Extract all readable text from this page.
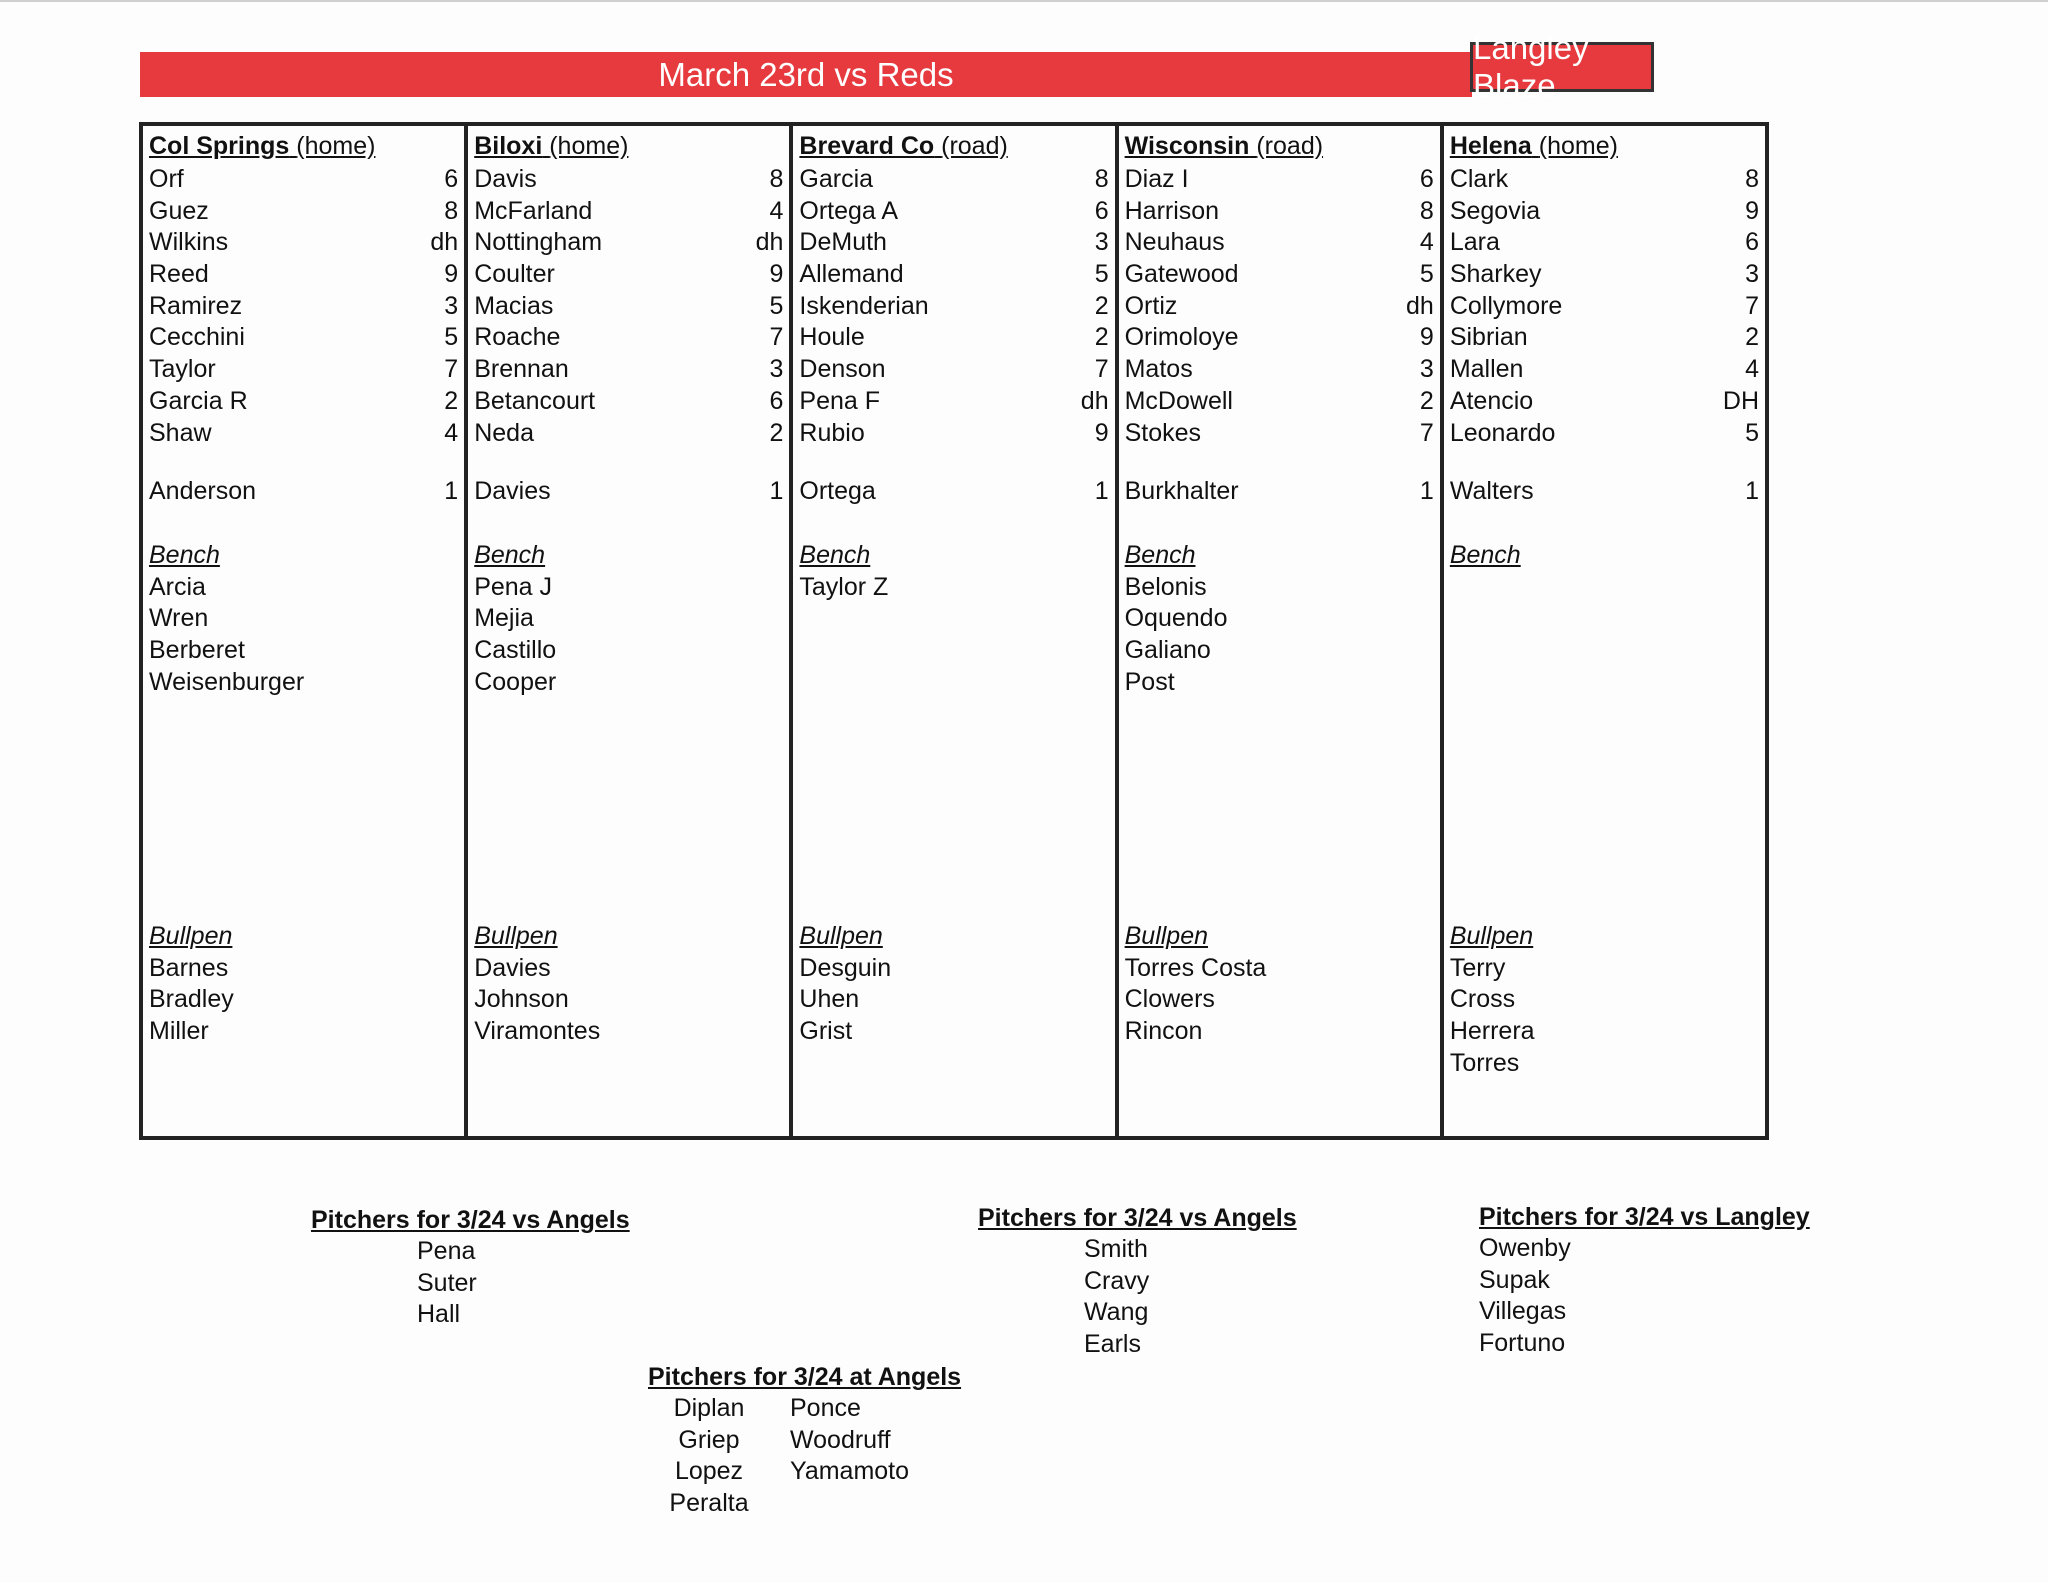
March 23rd vs Reds
Langley Blaze
Col Springs (home)
Orf	6
Guez	8
Wilkins	dh
Reed	9
Ramirez	3
Cecchini	5
Taylor	7
Garcia R	2
Shaw	4
Anderson	1
Bench
Arcia
Wren
Berberet
Weisenburger
Bullpen
Barnes
Bradley
Miller
Biloxi (home)
Davis	8
McFarland	4
Nottingham	dh
Coulter	9
Macias	5
Roache	7
Brennan	3
Betancourt	6
Neda	2
Davies	1
Bench
Pena J
Mejia
Castillo
Cooper
Bullpen
Davies
Johnson
Viramontes
Brevard Co (road)
Garcia	8
Ortega A	6
DeMuth	3
Allemand	5
Iskenderian	2
Houle	2
Denson	7
Pena F	dh
Rubio	9
Ortega	1
Bench
Taylor Z
Bullpen
Desguin
Uhen
Grist
Wisconsin (road)
Diaz I	6
Harrison	8
Neuhaus	4
Gatewood	5
Ortiz	dh
Orimoloye	9
Matos	3
McDowell	2
Stokes	7
Burkhalter	1
Bench
Belonis
Oquendo
Galiano
Post
Bullpen
Torres Costa
Clowers
Rincon
Helena (home)
Clark	8
Segovia	9
Lara	6
Sharkey	3
Collymore	7
Sibrian	2
Mallen	4
Atencio	DH
Leonardo	5
Walters	1
Bench
Bullpen
Terry
Cross
Herrera
Torres
Pitchers for 3/24 vs Angels
Pena
Suter
Hall
Pitchers for 3/24 vs Angels
Smith
Cravy
Wang
Earls
Pitchers for 3/24 vs Langley
Owenby
Supak
Villegas
Fortuno
Pitchers for 3/24 at Angels
Diplan
Griep
Lopez
Peralta
Ponce
Woodruff
Yamamoto
